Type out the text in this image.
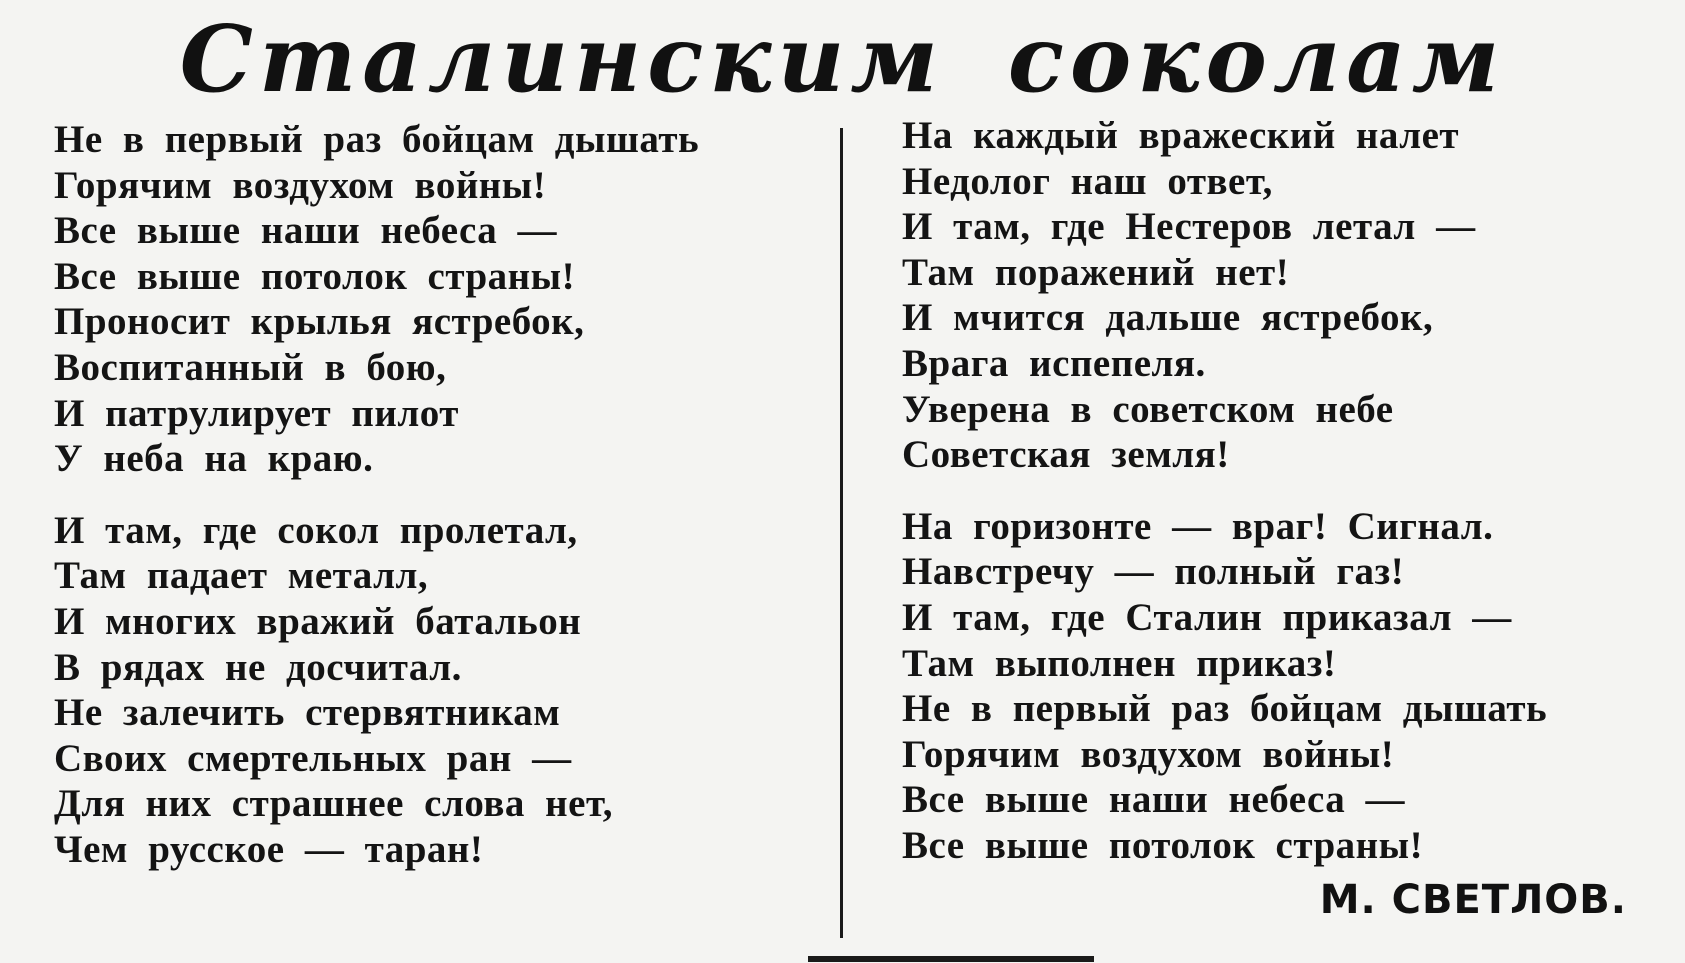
Сталинским соколам
Не в первый раз бойцам дышать
Горячим воздухом войны!
Все выше наши небеса —
Все выше потолок страны!
Проносит крылья ястребок,
Воспитанный в бою,
И патрулирует пилот
У неба на краю.
И там, где сокол пролетал,
Там падает металл,
И многих вражий батальон
В рядах не досчитал.
Не залечить стервятникам
Своих смертельных ран —
Для них страшнее слова нет,
Чем русское — таран!
На каждый вражеский налет
Недолог наш ответ,
И там, где Нестеров летал —
Там поражений нет!
И мчится дальше ястребок,
Врага испепеля.
Уверена в советском небе
Советская земля!
На горизонте — враг! Сигнал.
Навстречу — полный газ!
И там, где Сталин приказал —
Там выполнен приказ!
Не в первый раз бойцам дышать
Горячим воздухом войны!
Все выше наши небеса —
Все выше потолок страны!
М. СВЕТЛОВ.
